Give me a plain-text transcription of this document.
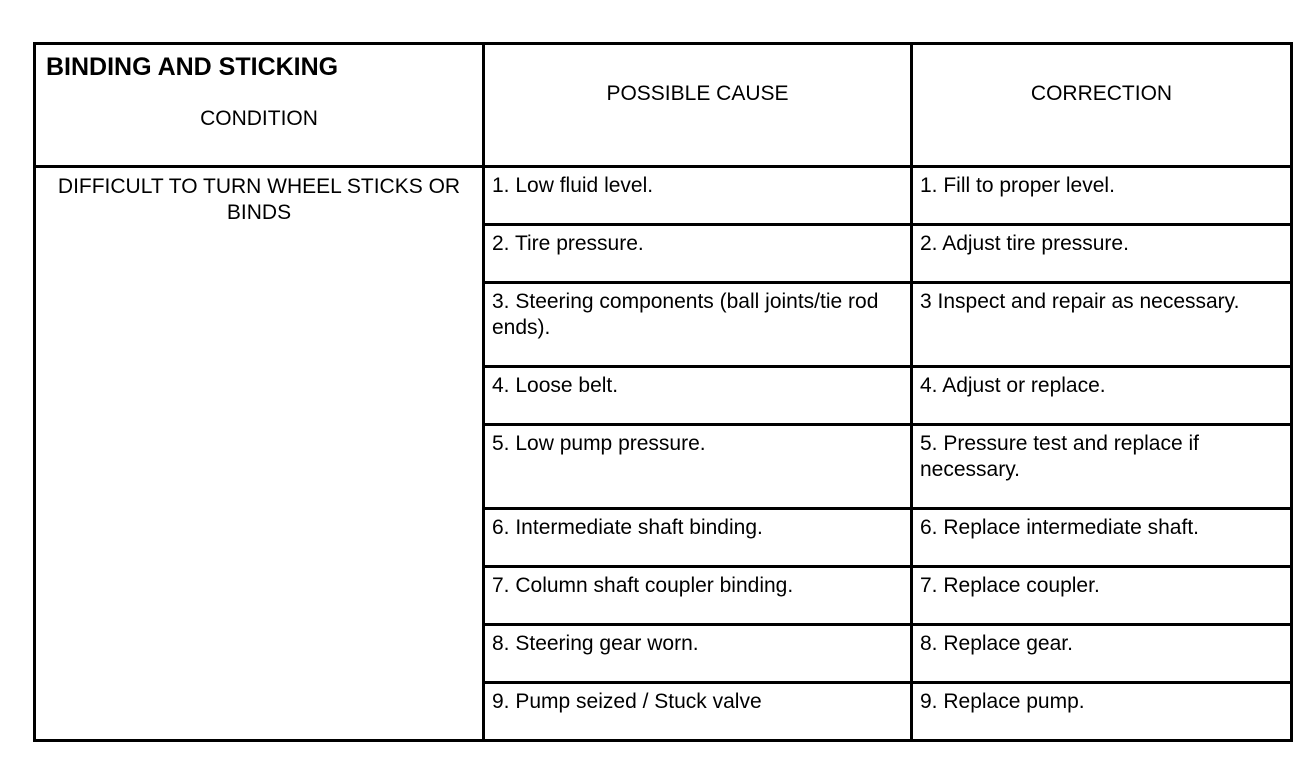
BINDING AND STICKING
CONDITION	POSSIBLE CAUSE	CORRECTION
DIFFICULT TO TURN WHEEL STICKS OR BINDS	1. Low fluid level.	1. Fill to proper level.
	2. Tire pressure.	2. Adjust tire pressure.
	3. Steering components (ball joints/tie rod ends).	3 Inspect and repair as necessary.
	4. Loose belt.	4. Adjust or replace.
	5. Low pump pressure.	5. Pressure test and replace if necessary.
	6. Intermediate shaft binding.	6. Replace intermediate shaft.
	7. Column shaft coupler binding.	7. Replace coupler.
	8. Steering gear worn.	8. Replace gear.
	9. Pump seized / Stuck valve	9. Replace pump.
